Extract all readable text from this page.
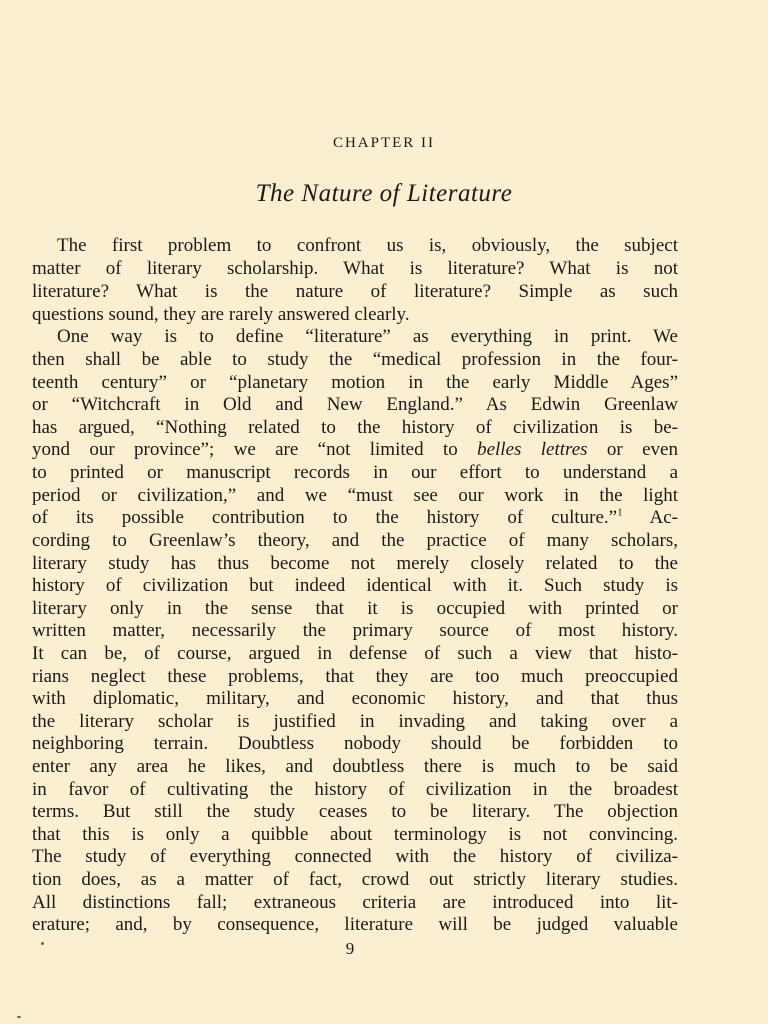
CHAPTER II
The Nature of Literature
The first problem to confront us is, obviously, the subject
matter of literary scholarship. What is literature? What is not
literature? What is the nature of literature? Simple as such
questions sound, they are rarely answered clearly.
One way is to define “literature” as everything in print. We
then shall be able to study the “medical profession in the four-
teenth century” or “planetary motion in the early Middle Ages”
or “Witchcraft in Old and New England.” As Edwin Greenlaw
has argued, “Nothing related to the history of civilization is be-
yond our province”; we are “not limited to belles lettres or even
to printed or manuscript records in our effort to understand a
period or civilization,” and we “must see our work in the light
of its possible contribution to the history of culture.”$^1$ Ac-
cording to Greenlaw’s theory, and the practice of many scholars,
literary study has thus become not merely closely related to the
history of civilization but indeed identical with it. Such study is
literary only in the sense that it is occupied with printed or
written matter, necessarily the primary source of most history.
It can be, of course, argued in defense of such a view that histo-
rians neglect these problems, that they are too much preoccupied
with diplomatic, military, and economic history, and that thus
the literary scholar is justified in invading and taking over a
neighboring terrain. Doubtless nobody should be forbidden to
enter any area he likes, and doubtless there is much to be said
in favor of cultivating the history of civilization in the broadest
terms. But still the study ceases to be literary. The objection
that this is only a quibble about terminology is not convincing.
The study of everything connected with the history of civiliza-
tion does, as a matter of fact, crowd out strictly literary studies.
All distinctions fall; extraneous criteria are introduced into lit-
erature; and, by consequence, literature will be judged valuable
9
